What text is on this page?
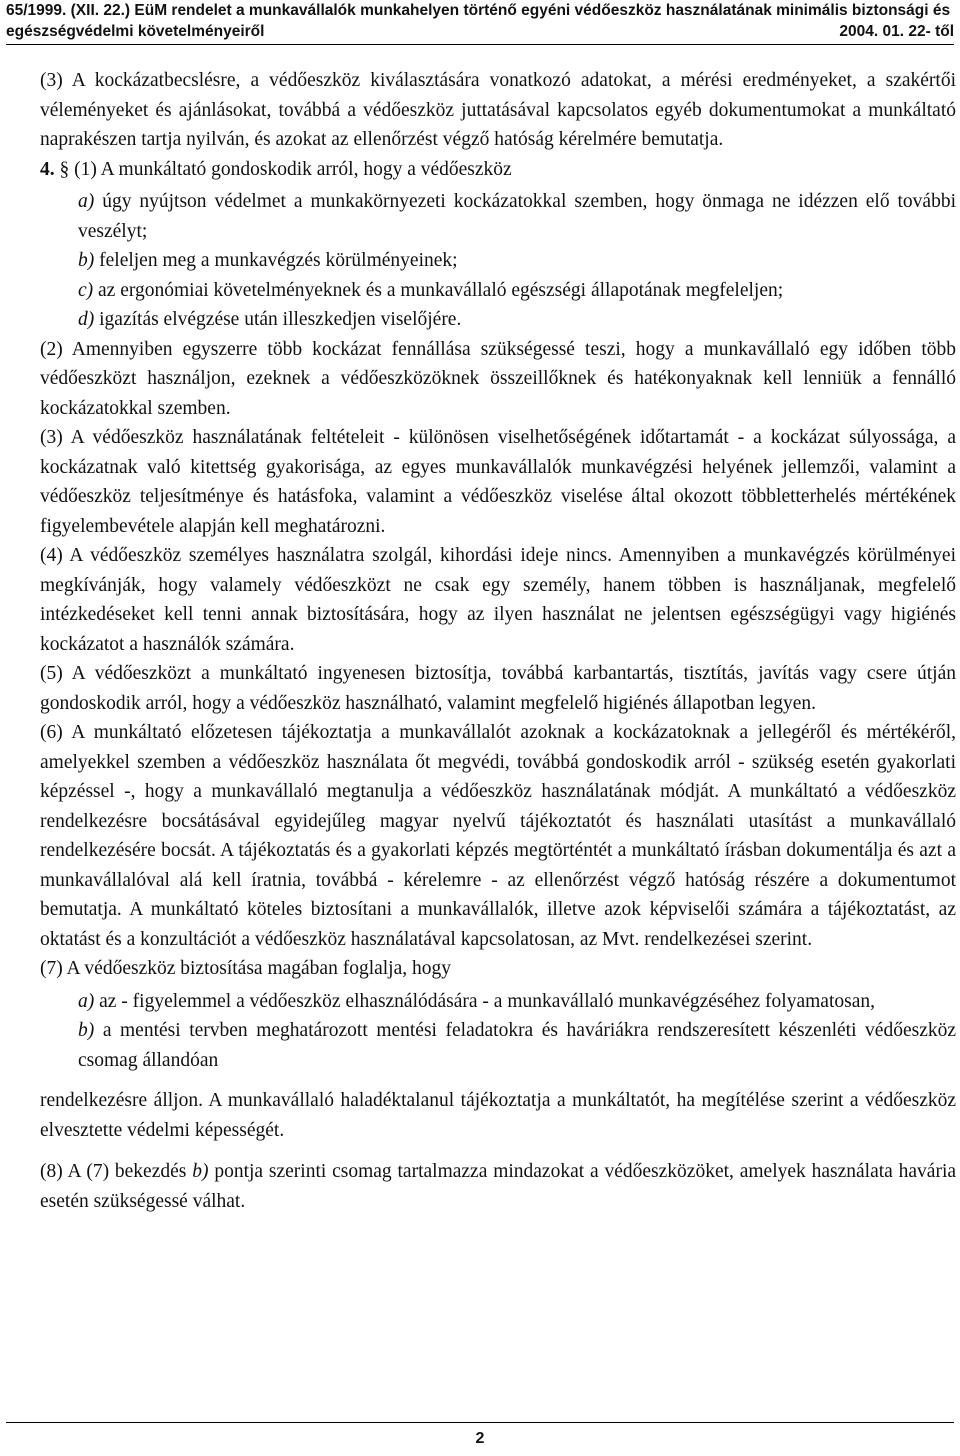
65/1999. (XII. 22.) EüM rendelet a munkavállalók munkahelyen történő egyéni védőeszköz használatának minimális biztonsági és
egészségvédelmi követelményeiről	2004. 01. 22- től

(3) A kockázatbecslésre, a védőeszköz kiválasztására vonatkozó adatokat, a mérési eredményeket, a szakértői véleményeket és ajánlásokat, továbbá a védőeszköz juttatásával kapcsolatos egyéb dokumentumokat a munkáltató naprakészen tartja nyilván, és azokat az ellenőrzést végző hatóság kérelmére bemutatja.

4. § (1) A munkáltató gondoskodik arról, hogy a védőeszköz

a) úgy nyújtson védelmet a munkakörnyezeti kockázatokkal szemben, hogy önmaga ne idézzen elő további veszélyt;

b) feleljen meg a munkavégzés körülményeinek;

c) az ergonómiai követelményeknek és a munkavállaló egészségi állapotának megfeleljen;

d) igazítás elvégzése után illeszkedjen viselőjére.

(2) Amennyiben egyszerre több kockázat fennállása szükségessé teszi, hogy a munkavállaló egy időben több védőeszközt használjon, ezeknek a védőeszközöknek összeillőknek és hatékonyaknak kell lenniük a fennálló kockázatokkal szemben.

(3) A védőeszköz használatának feltételeit - különösen viselhetőségének időtartamát - a kockázat súlyossága, a kockázatnak való kitettség gyakorisága, az egyes munkavállalók munkavégzési helyének jellemzői, valamint a védőeszköz teljesítménye és hatásfoka, valamint a védőeszköz viselése által okozott többletterhelés mértékének figyelembevétele alapján kell meghatározni.

(4) A védőeszköz személyes használatra szolgál, kihordási ideje nincs. Amennyiben a munkavégzés körülményei megkívánják, hogy valamely védőeszközt ne csak egy személy, hanem többen is használjanak, megfelelő intézkedéseket kell tenni annak biztosítására, hogy az ilyen használat ne jelentsen egészségügyi vagy higiénés kockázatot a használók számára.

(5) A védőeszközt a munkáltató ingyenesen biztosítja, továbbá karbantartás, tisztítás, javítás vagy csere útján gondoskodik arról, hogy a védőeszköz használható, valamint megfelelő higiénés állapotban legyen.

(6) A munkáltató előzetesen tájékoztatja a munkavállalót azoknak a kockázatoknak a jellegéről és mértékéről, amelyekkel szemben a védőeszköz használata őt megvédi, továbbá gondoskodik arról - szükség esetén gyakorlati képzéssel -, hogy a munkavállaló megtanulja a védőeszköz használatának módját. A munkáltató a védőeszköz rendelkezésre bocsátásával egyidejűleg magyar nyelvű tájékoztatót és használati utasítást a munkavállaló rendelkezésére bocsát. A tájékoztatás és a gyakorlati képzés megtörténtét a munkáltató írásban dokumentálja és azt a munkavállalóval alá kell íratnia, továbbá - kérelemre - az ellenőrzést végző hatóság részére a dokumentumot bemutatja. A munkáltató köteles biztosítani a munkavállalók, illetve azok képviselői számára a tájékoztatást, az oktatást és a konzultációt a védőeszköz használatával kapcsolatosan, az Mvt. rendelkezései szerint.

(7) A védőeszköz biztosítása magában foglalja, hogy

a) az - figyelemmel a védőeszköz elhasználódására - a munkavállaló munkavégzéséhez folyamatosan,

b) a mentési tervben meghatározott mentési feladatokra és haváriákra rendszeresített készenléti védőeszköz csomag állandóan

rendelkezésre álljon. A munkavállaló haladéktalanul tájékoztatja a munkáltatót, ha megítélése szerint a védőeszköz elvesztette védelmi képességét.

(8) A (7) bekezdés b) pontja szerinti csomag tartalmazza mindazokat a védőeszközöket, amelyek használata havária esetén szükségessé válhat.

2
